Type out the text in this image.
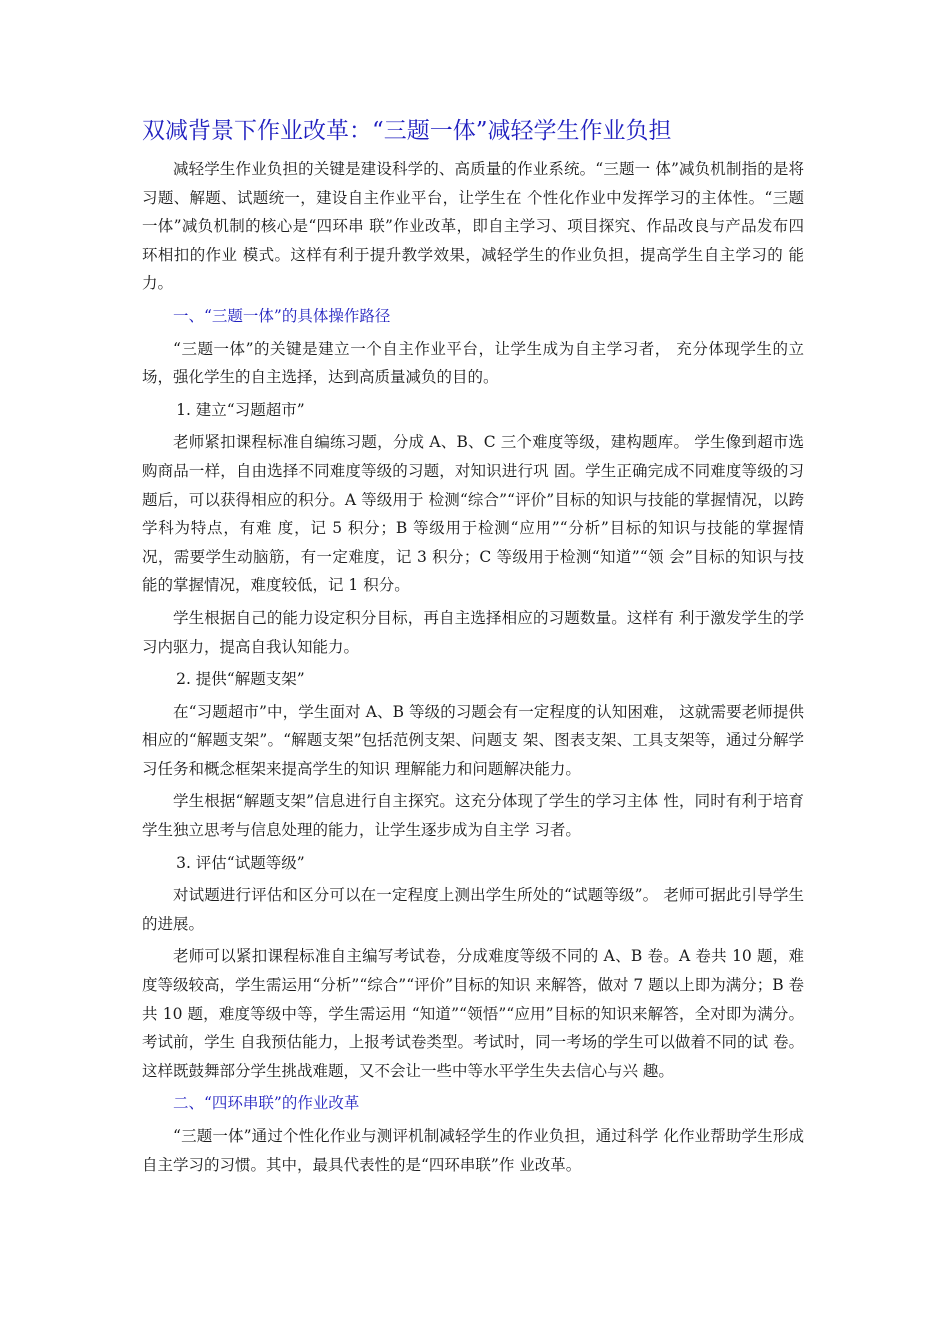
双减背景下作业改革：“三题一体”减轻学生作业负担

减轻学生作业负担的关键是建设科学的、高质量的作业系统。“三题一 体”减负机制指的是将习题、解题、试题统一，建设自主作业平台，让学生在 个性化作业中发挥学习的主体性。“三题一体”减负机制的核心是“四环串 联”作业改革，即自主学习、项目探究、作品改良与产品发布四环相扣的作业 模式。这样有利于提升教学效果，减轻学生的作业负担，提高学生自主学习的 能力。

一、“三题一体”的具体操作路径

“三题一体”的关键是建立一个自主作业平台，让学生成为自主学习者， 充分体现学生的立场，强化学生的自主选择，达到高质量减负的目的。

1. 建立“习题超市”

老师紧扣课程标准自编练习题，分成 A、B、C 三个难度等级，建构题库。 学生像到超市选购商品一样，自由选择不同难度等级的习题，对知识进行巩 固。学生正确完成不同难度等级的习题后，可以获得相应的积分。A 等级用于 检测“综合”“评价”目标的知识与技能的掌握情况，以跨学科为特点，有难 度，记 5 积分；B 等级用于检测“应用”“分析”目标的知识与技能的掌握情 况，需要学生动脑筋，有一定难度，记 3 积分；C 等级用于检测“知道”“领 会”目标的知识与技能的掌握情况，难度较低，记 1 积分。

学生根据自己的能力设定积分目标，再自主选择相应的习题数量。这样有 利于激发学生的学习内驱力，提高自我认知能力。

2. 提供“解题支架”

在“习题超市”中，学生面对 A、B 等级的习题会有一定程度的认知困难， 这就需要老师提供相应的“解题支架”。“解题支架”包括范例支架、问题支 架、图表支架、工具支架等，通过分解学习任务和概念框架来提高学生的知识 理解能力和问题解决能力。

学生根据“解题支架”信息进行自主探究。这充分体现了学生的学习主体 性，同时有利于培育学生独立思考与信息处理的能力，让学生逐步成为自主学 习者。

3. 评估“试题等级”

对试题进行评估和区分可以在一定程度上测出学生所处的“试题等级”。 老师可据此引导学生的进展。

老师可以紧扣课程标准自主编写考试卷，分成难度等级不同的 A、B 卷。A 卷共 10 题，难度等级较高，学生需运用“分析”“综合”“评价”目标的知识 来解答，做对 7 题以上即为满分；B 卷共 10 题，难度等级中等，学生需运用 “知道”“领悟”“应用”目标的知识来解答，全对即为满分。考试前，学生 自我预估能力，上报考试卷类型。考试时，同一考场的学生可以做着不同的试 卷。这样既鼓舞部分学生挑战难题，又不会让一些中等水平学生失去信心与兴 趣。

二、“四环串联”的作业改革

“三题一体”通过个性化作业与测评机制减轻学生的作业负担，通过科学 化作业帮助学生形成自主学习的习惯。其中，最具代表性的是“四环串联”作 业改革。
